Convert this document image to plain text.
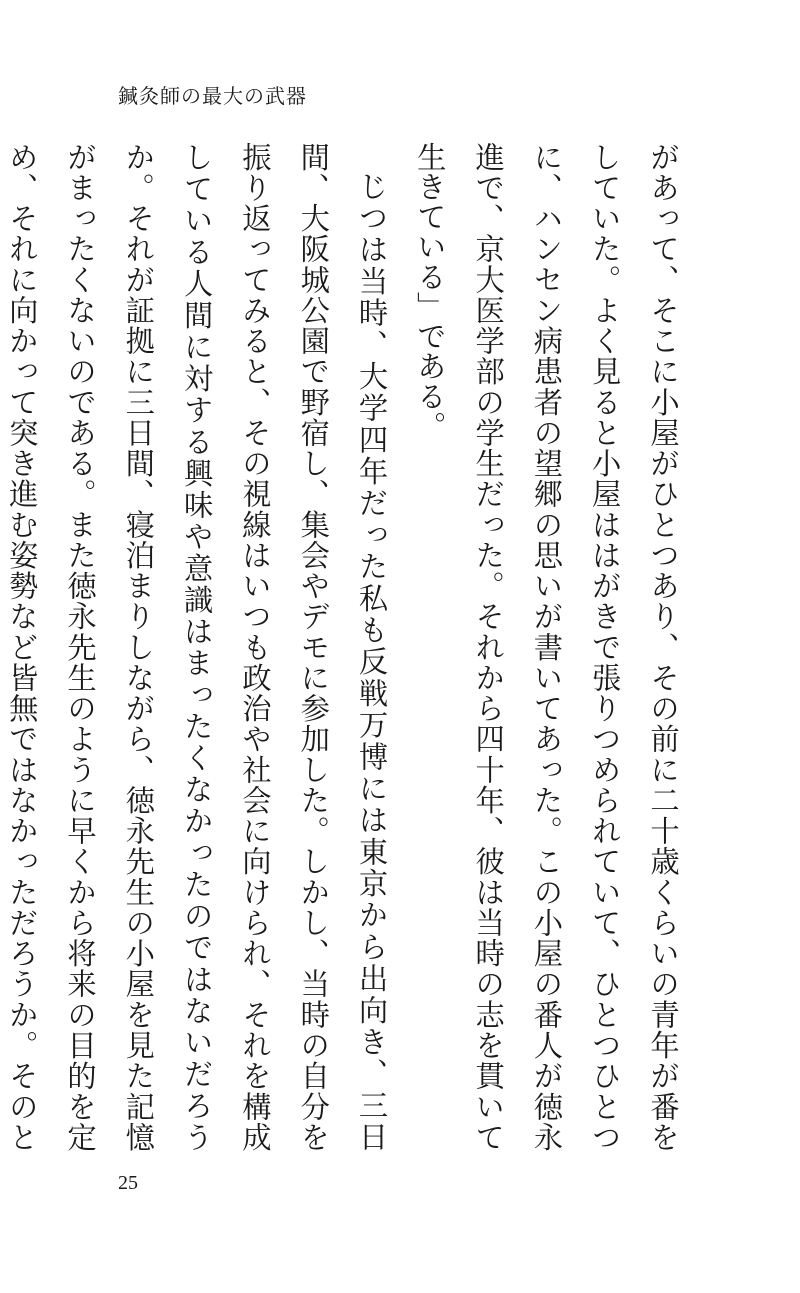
鍼灸師の最大の武器

があって、そこに小屋がひとつあり、その前に二十歳くらいの青年が番をしていた。よく見ると小屋ははがきで張りつめられていて、ひとつひとつに、ハンセン病患者の望郷の思いが書いてあった。この小屋の番人が徳永進で、京大医学部の学生だった。それから四十年、彼は当時の志を貫いて生きている」である。

じつは当時、大学四年だった私も反戦万博には東京から出向き、三日間、大阪城公園で野宿し、集会やデモに参加した。しかし、当時の自分を振り返ってみると、その視線はいつも政治や社会に向けられ、それを構成している人間に対する興味や意識はまったくなかったのではないだろうか。それが証拠に三日間、寝泊まりしながら、徳永先生の小屋を見た記憶がまったくないのである。また徳永先生のように早くから将来の目的を定め、それに向かって突き進む姿勢など皆無ではなかっただろうか。そのと

25
